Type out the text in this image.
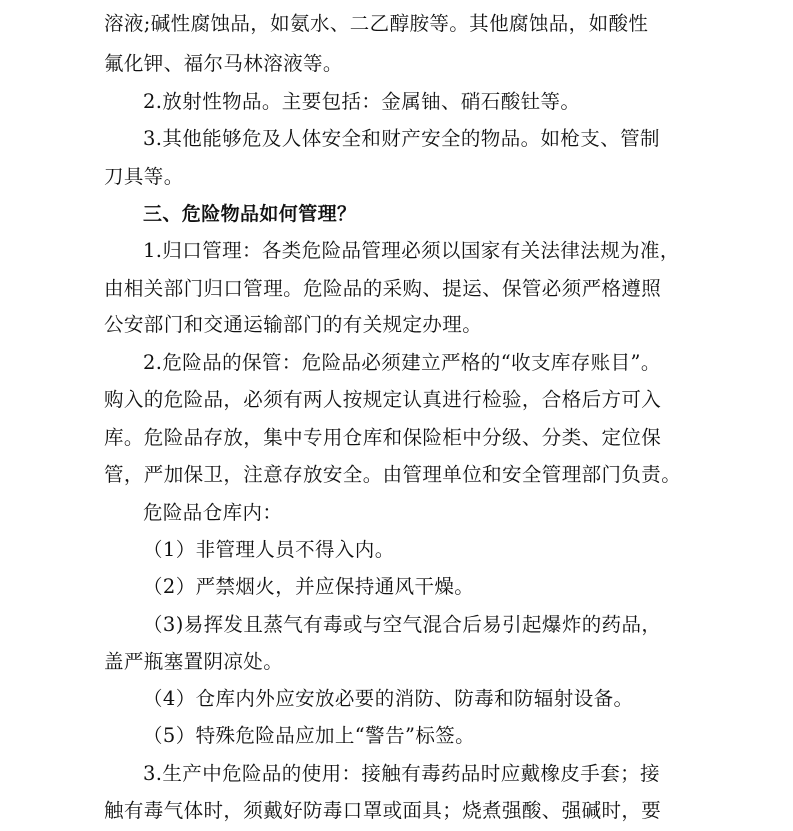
溶液;碱性腐蚀品，如氨水、二乙醇胺等。其他腐蚀品，如酸性
氟化钾、福尔马林溶液等。
2.放射性物品。主要包括：金属铀、硝石酸钍等。
3.其他能够危及人体安全和财产安全的物品。如枪支、管制
刀具等。
三、危险物品如何管理？
1.归口管理：各类危险品管理必须以国家有关法律法规为准，
由相关部门归口管理。危险品的采购、提运、保管必须严格遵照
公安部门和交通运输部门的有关规定办理。
2.危险品的保管：危险品必须建立严格的“收支库存账目”。
购入的危险品，必须有两人按规定认真进行检验，合格后方可入
库。危险品存放，集中专用仓库和保险柜中分级、分类、定位保
管，严加保卫，注意存放安全。由管理单位和安全管理部门负责。
危险品仓库内：
（1）非管理人员不得入内。
（2）严禁烟火，并应保持通风干燥。
（3)易挥发且蒸气有毒或与空气混合后易引起爆炸的药品，
盖严瓶塞置阴凉处。
（4）仓库内外应安放必要的消防、防毒和防辐射设备。
（5）特殊危险品应加上“警告”标签。
3.生产中危险品的使用：接触有毒药品时应戴橡皮手套；接
触有毒气体时，须戴好防毒口罩或面具；烧煮强酸、强碱时，要
